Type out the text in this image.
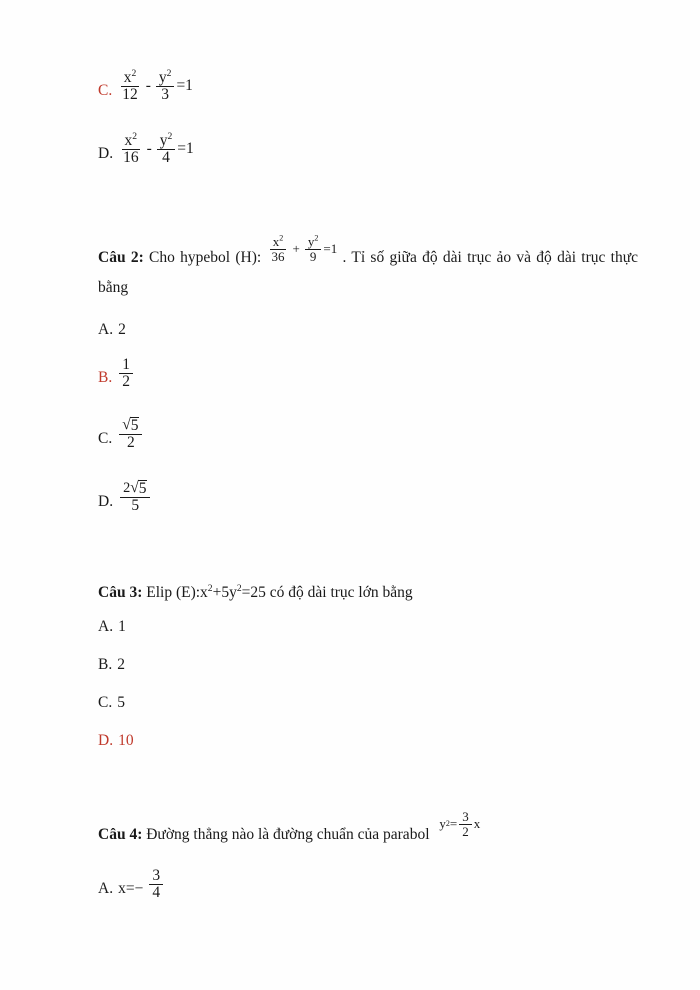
C. $\frac{x^2}{12} - \frac{y^2}{3} =1$
D. $\frac{x^2}{16} - \frac{y^2}{4} =1$
Câu 2: Cho hypebol (H): $\frac{x^2}{36} + \frac{y^2}{9} =1$
. Tỉ số giữa độ dài trục ảo và độ dài trục thực bằng
A. 2
B. $\frac{1}{2}$
C. $\frac{√ 5}{2}$
D. $\frac{2 √ 5}{5}$
Câu 3: Elip $(E):x^2+5y^2=25$ có độ dài trục lớn bằng
A. 1
B. 2
C. 5
D. 10
Câu 4: Đường thẳng nào là đường chuẩn của parabol
y $2 = \frac{3}{2}$ x
A. $x=- \frac{3}{4}$
